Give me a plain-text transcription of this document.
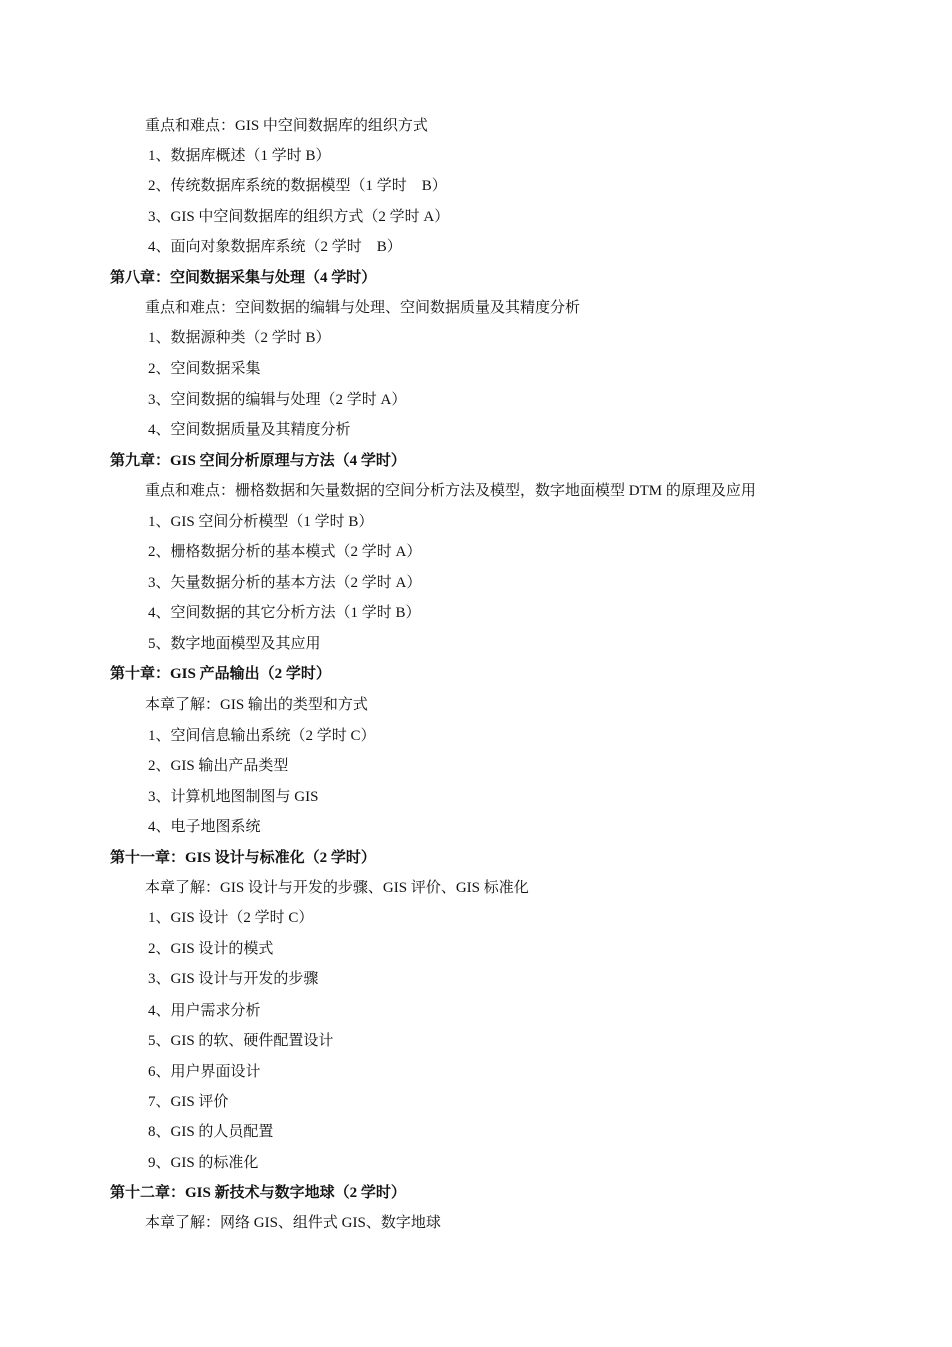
重点和难点：GIS 中空间数据库的组织方式
1、数据库概述（1 学时 B）
2、传统数据库系统的数据模型（1 学时　B）
3、GIS 中空间数据库的组织方式（2 学时 A）
4、面向对象数据库系统（2 学时　B）
第八章：空间数据采集与处理（4 学时）
重点和难点：空间数据的编辑与处理、空间数据质量及其精度分析
1、数据源种类（2 学时 B）
2、空间数据采集
3、空间数据的编辑与处理（2 学时 A）
4、空间数据质量及其精度分析
第九章：GIS 空间分析原理与方法（4 学时）
重点和难点：栅格数据和矢量数据的空间分析方法及模型，数字地面模型 DTM 的原理及应用
1、GIS 空间分析模型（1 学时 B）
2、栅格数据分析的基本模式（2 学时 A）
3、矢量数据分析的基本方法（2 学时 A）
4、空间数据的其它分析方法（1 学时 B）
5、数字地面模型及其应用
第十章：GIS 产品输出（2 学时）
本章了解：GIS 输出的类型和方式
1、空间信息输出系统（2 学时 C）
2、GIS 输出产品类型
3、计算机地图制图与 GIS
4、电子地图系统
第十一章：GIS 设计与标准化（2 学时）
本章了解：GIS 设计与开发的步骤、GIS 评价、GIS 标准化
1、GIS 设计（2 学时 C）
2、GIS 设计的模式
3、GIS 设计与开发的步骤
4、用户需求分析
5、GIS 的软、硬件配置设计
6、用户界面设计
7、GIS 评价
8、GIS 的人员配置
9、GIS 的标准化
第十二章：GIS 新技术与数字地球（2 学时）
本章了解：网络 GIS、组件式 GIS、数字地球
